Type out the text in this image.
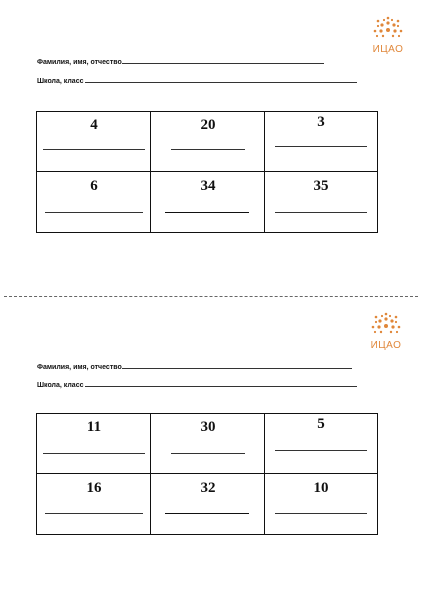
ИЦАО
Фамилия, имя, отчество
Школа, класс
4	20	3
6	34	35
ИЦАО
Фамилия, имя, отчество
Школа, класс
11	30	5
16	32	10
